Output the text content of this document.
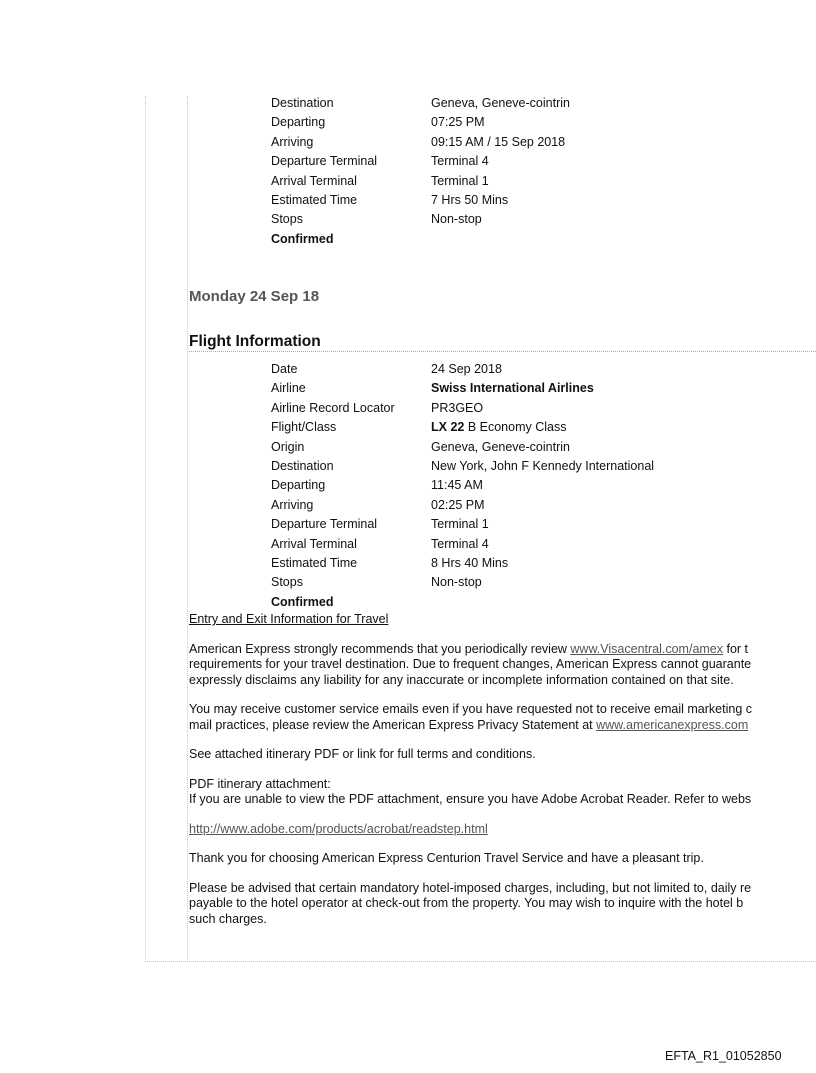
Destination	Geneva, Geneve-cointrin
Departing	07:25 PM
Arriving	09:15 AM / 15 Sep 2018
Departure Terminal	Terminal 4
Arrival Terminal	Terminal 1
Estimated Time	7 Hrs 50 Mins
Stops	Non-stop
Confirmed
Monday 24 Sep 18
Flight Information
Date	24 Sep 2018
Airline	Swiss International Airlines
Airline Record Locator	PR3GEO
Flight/Class	LX 22 B Economy Class
Origin	Geneva, Geneve-cointrin
Destination	New York, John F Kennedy International
Departing	11:45 AM
Arriving	02:25 PM
Departure Terminal	Terminal 1
Arrival Terminal	Terminal 4
Estimated Time	8 Hrs 40 Mins
Stops	Non-stop
Confirmed

Entry and Exit Information for Travel

American Express strongly recommends that you periodically review www.Visacentral.com/amex for t

requirements for your travel destination. Due to frequent changes, American Express cannot guarante

expressly disclaims any liability for any inaccurate or incomplete information contained on that site.

You may receive customer service emails even if you have requested not to receive email marketing c

mail practices, please review the American Express Privacy Statement at www.americanexpress.com

See attached itinerary PDF or link for full terms and conditions.

PDF itinerary attachment:

If you are unable to view the PDF attachment, ensure you have Adobe Acrobat Reader. Refer to webs

http://www.adobe.com/products/acrobat/readstep.html

Thank you for choosing American Express Centurion Travel Service and have a pleasant trip.

Please be advised that certain mandatory hotel-imposed charges, including, but not limited to, daily re

payable to the hotel operator at check-out from the property. You may wish to inquire with the hotel b

such charges.

EFTA_R1_01052850
